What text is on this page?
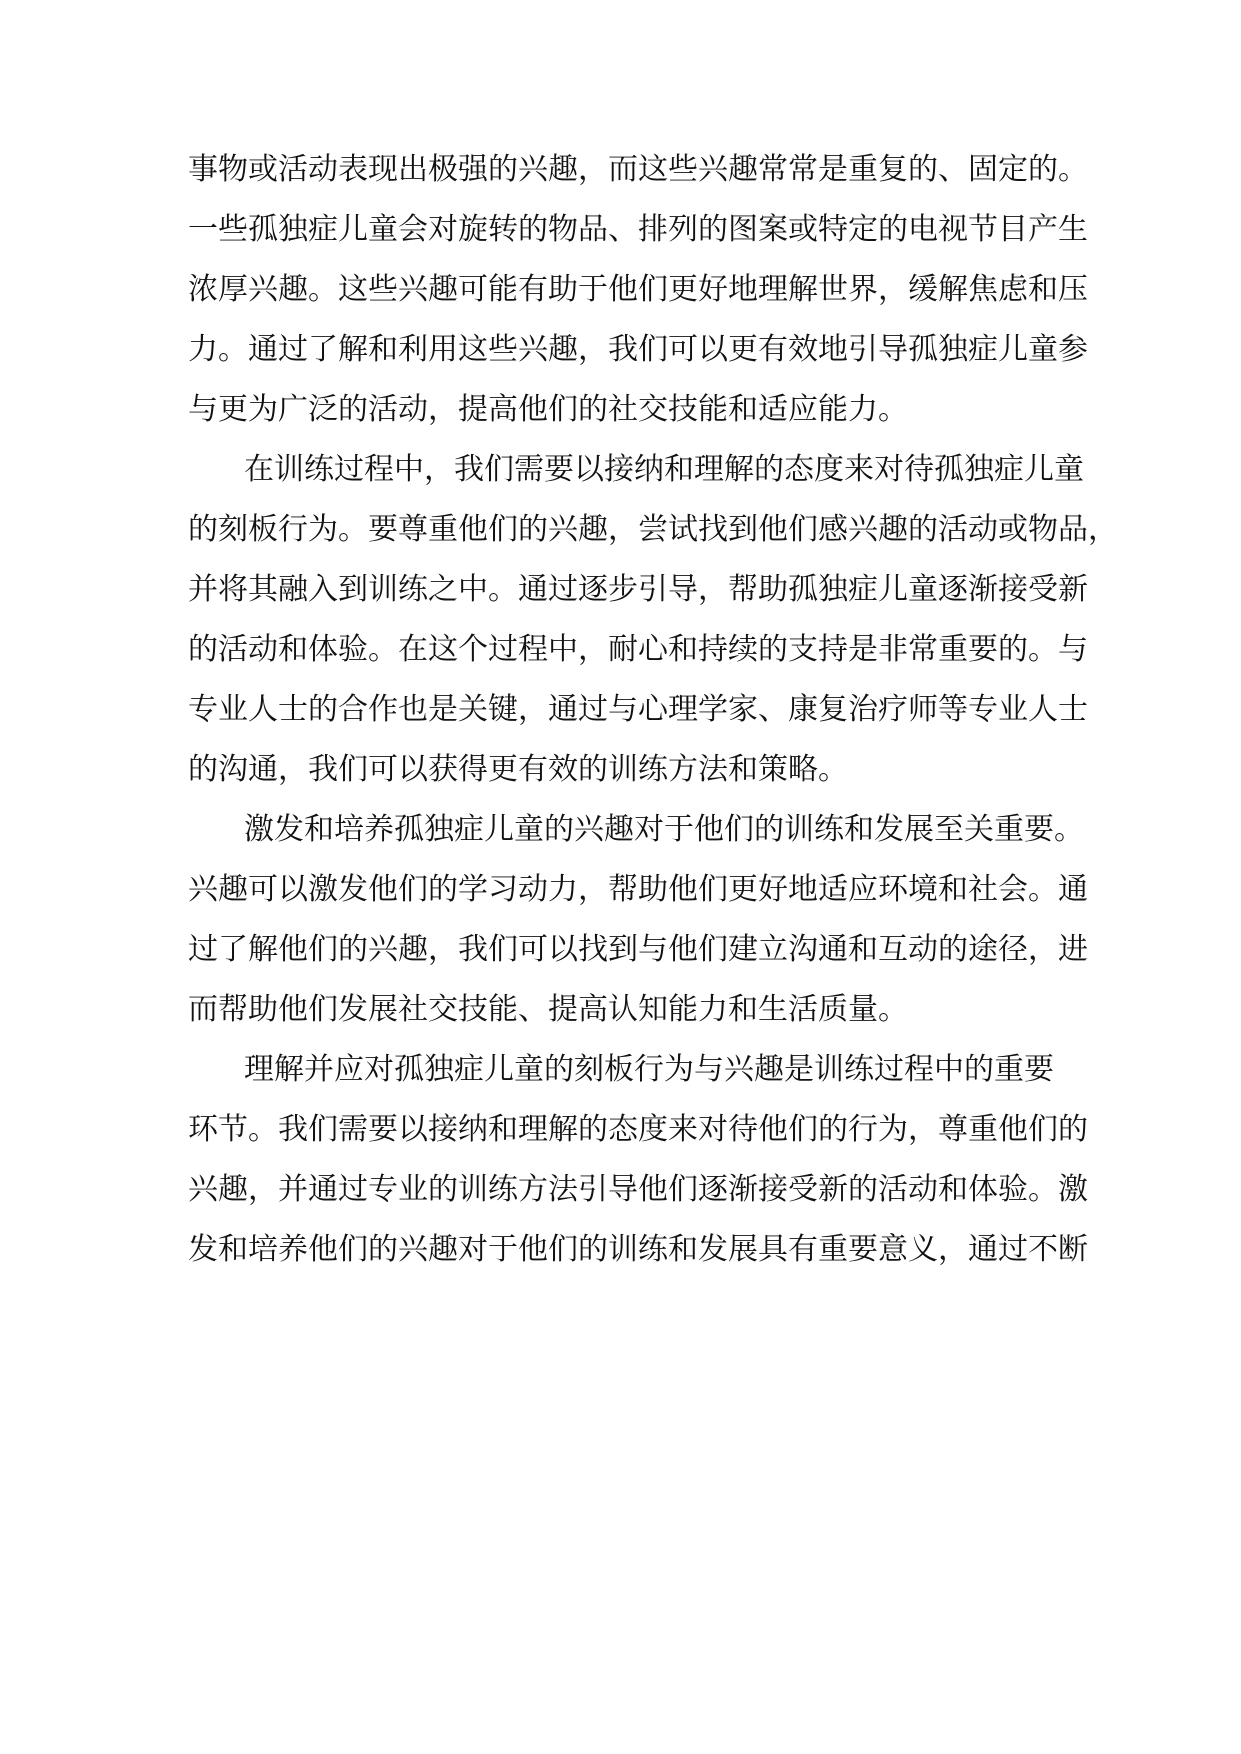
事物或活动表现出极强的兴趣，而这些兴趣常常是重复的、固定的。
一些孤独症儿童会对旋转的物品、排列的图案或特定的电视节目产生
浓厚兴趣。这些兴趣可能有助于他们更好地理解世界，缓解焦虑和压
力。通过了解和利用这些兴趣，我们可以更有效地引导孤独症儿童参
与更为广泛的活动，提高他们的社交技能和适应能力。
在训练过程中，我们需要以接纳和理解的态度来对待孤独症儿童
的刻板行为。要尊重他们的兴趣，尝试找到他们感兴趣的活动或物品，
并将其融入到训练之中。通过逐步引导，帮助孤独症儿童逐渐接受新
的活动和体验。在这个过程中，耐心和持续的支持是非常重要的。与
专业人士的合作也是关键，通过与心理学家、康复治疗师等专业人士
的沟通，我们可以获得更有效的训练方法和策略。
激发和培养孤独症儿童的兴趣对于他们的训练和发展至关重要。
兴趣可以激发他们的学习动力，帮助他们更好地适应环境和社会。通
过了解他们的兴趣，我们可以找到与他们建立沟通和互动的途径，进
而帮助他们发展社交技能、提高认知能力和生活质量。
理解并应对孤独症儿童的刻板行为与兴趣是训练过程中的重要
环节。我们需要以接纳和理解的态度来对待他们的行为，尊重他们的
兴趣，并通过专业的训练方法引导他们逐渐接受新的活动和体验。激
发和培养他们的兴趣对于他们的训练和发展具有重要意义，通过不断
